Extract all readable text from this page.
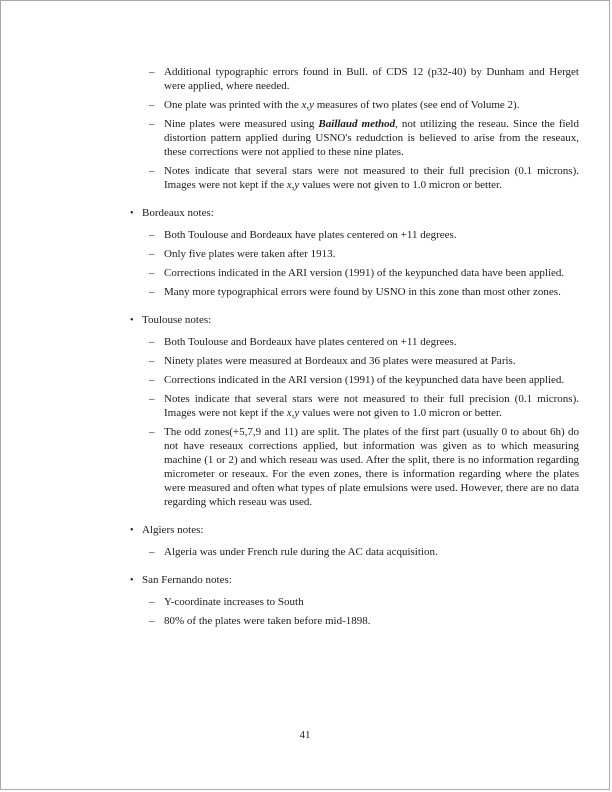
– Additional typographic errors found in Bull. of CDS 12 (p32-40) by Dunham and Herget were applied, where needed.
– One plate was printed with the x,y measures of two plates (see end of Volume 2).
– Nine plates were measured using Baillaud method, not utilizing the reseau. Since the field distortion pattern applied during USNO's redudction is believed to arise from the reseaux, these corrections were not applied to these nine plates.
– Notes indicate that several stars were not measured to their full precision (0.1 microns). Images were not kept if the x,y values were not given to 1.0 micron or better.
• Bordeaux notes:
– Both Toulouse and Bordeaux have plates centered on +11 degrees.
– Only five plates were taken after 1913.
– Corrections indicated in the ARI version (1991) of the keypunched data have been applied.
– Many more typographical errors were found by USNO in this zone than most other zones.
• Toulouse notes:
– Both Toulouse and Bordeaux have plates centered on +11 degrees.
– Ninety plates were measured at Bordeaux and 36 plates were measured at Paris.
– Corrections indicated in the ARI version (1991) of the keypunched data have been applied.
– Notes indicate that several stars were not measured to their full precision (0.1 microns). Images were not kept if the x,y values were not given to 1.0 micron or better.
– The odd zones(+5,7,9 and 11) are split. The plates of the first part (usually 0 to about 6h) do not have reseaux corrections applied, but information was given as to which measuring machine (1 or 2) and which reseau was used. After the split, there is no information regarding micrometer or reseaux. For the even zones, there is information regarding where the plates were measured and often what types of plate emulsions were used. However, there are no data regarding which reseau was used.
• Algiers notes:
– Algeria was under French rule during the AC data acquisition.
• San Fernando notes:
– Y-coordinate increases to South
– 80% of the plates were taken before mid-1898.
41
